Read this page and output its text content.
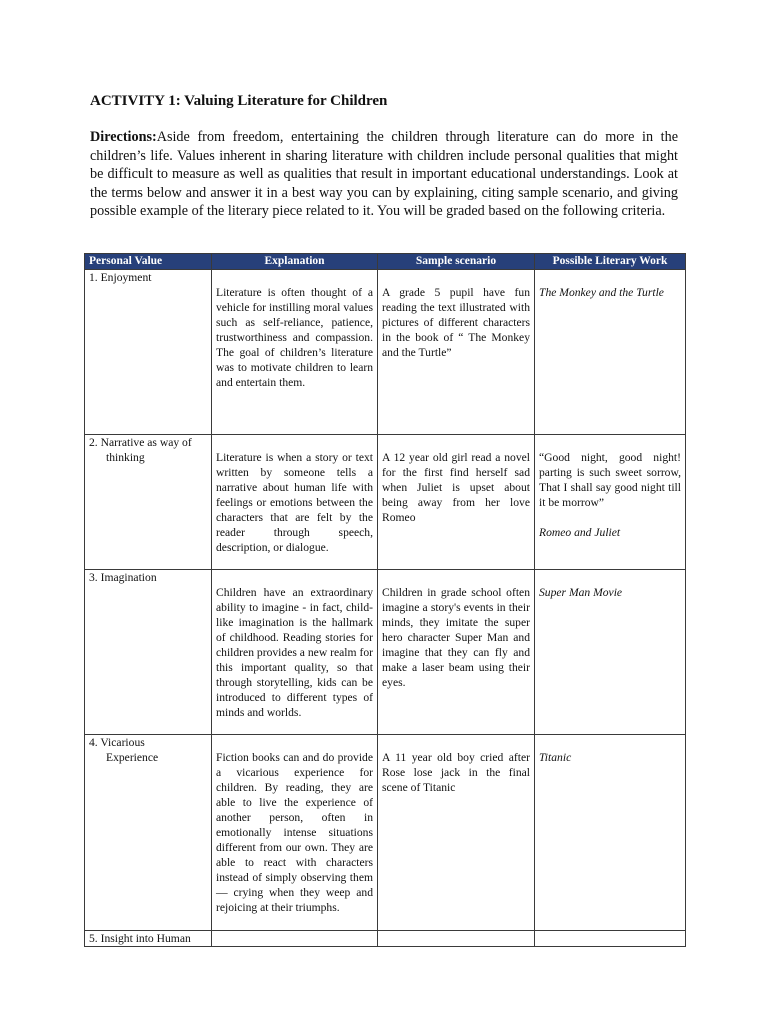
ACTIVITY 1: Valuing Literature for Children
Directions:Aside from freedom, entertaining the children through literature can do more in the children’s life. Values inherent in sharing literature with children include personal qualities that might be difficult to measure as well as qualities that result in important educational understandings. Look at the terms below and answer it in a best way you can by explaining, citing sample scenario, and giving possible example of the literary piece related to it. You will be graded based on the following criteria.
Personal Value	Explanation	Sample scenario	Possible Literary Work

1. Enjoyment	Literature is often thought of a vehicle for instilling moral values such as self-reliance, patience, trustworthiness and compassion. The goal of children’s literature was to motivate children to learn and entertain them.	A grade 5 pupil have fun reading the text illustrated with pictures of different characters in the book of “ The Monkey and the Turtle”	The Monkey and the Turtle

2. Narrative as way of
thinking	Literature is when a story or text written by someone tells a narrative about human life with feelings or emotions between the characters that are felt by the reader through speech, description, or dialogue.	A 12 year old girl read a novel for the first find herself sad when Juliet is upset about being away from her love Romeo	“Good night, good night! parting is such sweet sorrow, That I shall say good night till it be morrow”
Romeo and Juliet

3. Imagination	Children have an extraordinary ability to imagine - in fact, child-like imagination is the hallmark of childhood. Reading stories for children provides a new realm for this important quality, so that through storytelling, kids can be introduced to different types of minds and worlds.	Children in grade school often imagine a story's events in their minds, they imitate the super hero character Super Man and imagine that they can fly and make a laser beam using their eyes.	Super Man Movie

4. Vicarious
Experience	Fiction books can and do provide a vicarious experience for children. By reading, they are able to live the experience of another person, often in emotionally intense situations different from our own. They are able to react with characters instead of simply observing them — crying when they weep and rejoicing at their triumphs.	A 11 year old boy cried after Rose lose jack in the final scene of Titanic	Titanic

5. Insight into Human			
